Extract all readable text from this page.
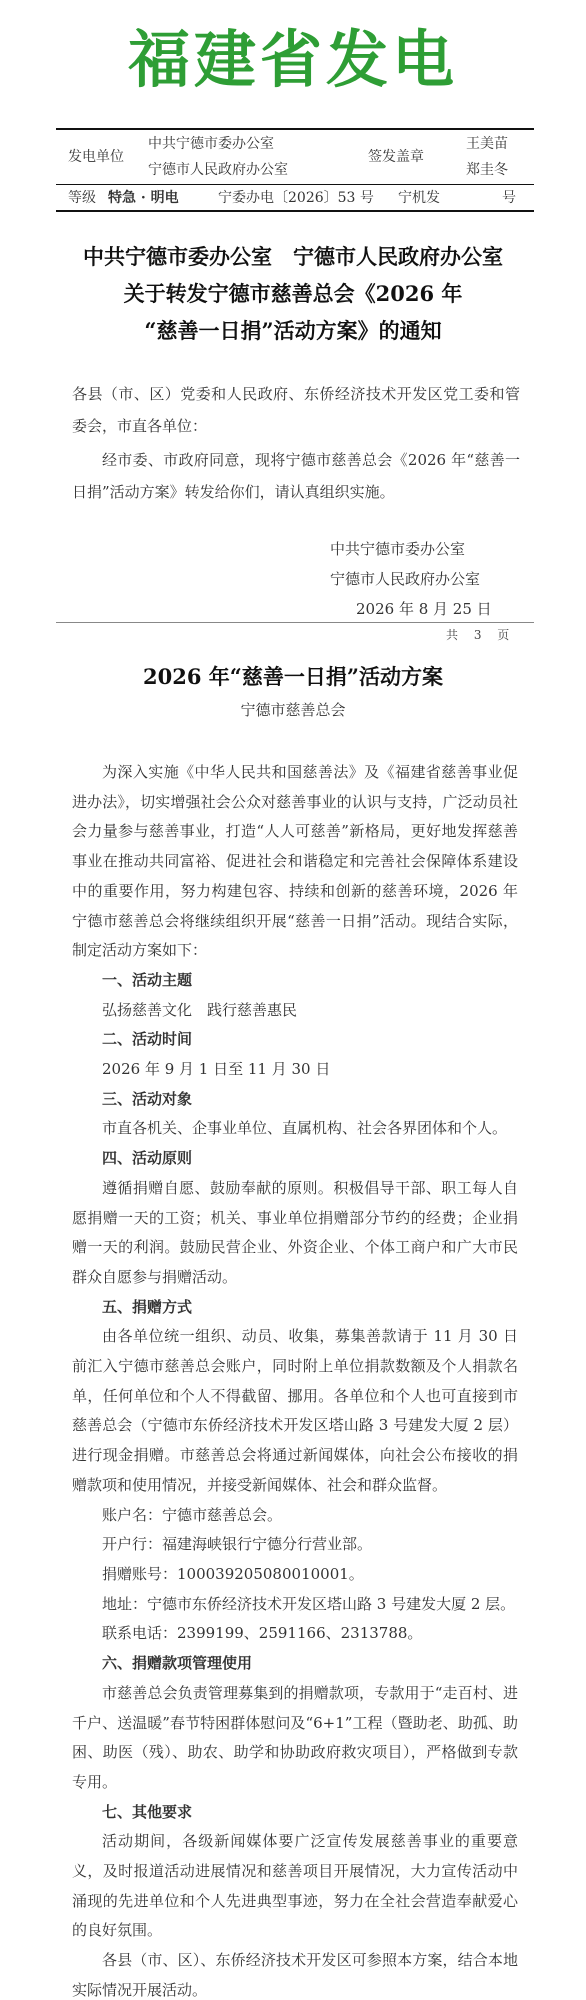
福建省发电
发电单位
中共宁德市委办公室
宁德市人民政府办公室
签发盖章
王美苗
郑圭冬
等级 特急 · 明电	宁委办电〔2026〕53 号 宁机发	号
中共宁德市委办公室　宁德市人民政府办公室
关于转发宁德市慈善总会《2026 年
“慈善一日捐”活动方案》的通知
各县（市、区）党委和人民政府、东侨经济技术开发区党工委和管委会，市直各单位：
经市委、市政府同意，现将宁德市慈善总会《2026 年“慈善一日捐”活动方案》转发给你们，请认真组织实施。
中共宁德市委办公室
宁德市人民政府办公室
2026 年 8 月 25 日
共 3 页
2026 年“慈善一日捐”活动方案
宁德市慈善总会

为深入实施《中华人民共和国慈善法》及《福建省慈善事业促进办法》，切实增强社会公众对慈善事业的认识与支持，广泛动员社会力量参与慈善事业，打造“人人可慈善”新格局，更好地发挥慈善事业在推动共同富裕、促进社会和谐稳定和完善社会保障体系建设中的重要作用，努力构建包容、持续和创新的慈善环境，2026 年宁德市慈善总会将继续组织开展“慈善一日捐”活动。现结合实际，制定活动方案如下：

一、活动主题

弘扬慈善文化　践行慈善惠民

二、活动时间

2026 年 9 月 1 日至 11 月 30 日

三、活动对象

市直各机关、企事业单位、直属机构、社会各界团体和个人。

四、活动原则

遵循捐赠自愿、鼓励奉献的原则。积极倡导干部、职工每人自愿捐赠一天的工资；机关、事业单位捐赠部分节约的经费；企业捐赠一天的利润。鼓励民营企业、外资企业、个体工商户和广大市民群众自愿参与捐赠活动。

五、捐赠方式

由各单位统一组织、动员、收集，募集善款请于 11 月 30 日前汇入宁德市慈善总会账户，同时附上单位捐款数额及个人捐款名单，任何单位和个人不得截留、挪用。各单位和个人也可直接到市慈善总会（宁德市东侨经济技术开发区塔山路 3 号建发大厦 2 层）进行现金捐赠。市慈善总会将通过新闻媒体，向社会公布接收的捐赠款项和使用情况，并接受新闻媒体、社会和群众监督。

账户名：宁德市慈善总会。

开户行：福建海峡银行宁德分行营业部。

捐赠账号：100039205080010001。

地址：宁德市东侨经济技术开发区塔山路 3 号建发大厦 2 层。

联系电话：2399199、2591166、2313788。

六、捐赠款项管理使用

市慈善总会负责管理募集到的捐赠款项，专款用于“走百村、进千户、送温暖”春节特困群体慰问及“6+1”工程（暨助老、助孤、助困、助医（残）、助农、助学和协助政府救灾项目），严格做到专款专用。

七、其他要求

活动期间，各级新闻媒体要广泛宣传发展慈善事业的重要意义，及时报道活动进展情况和慈善项目开展情况，大力宣传活动中涌现的先进单位和个人先进典型事迹，努力在全社会营造奉献爱心的良好氛围。

各县（市、区）、东侨经济技术开发区可参照本方案，结合本地实际情况开展活动。
